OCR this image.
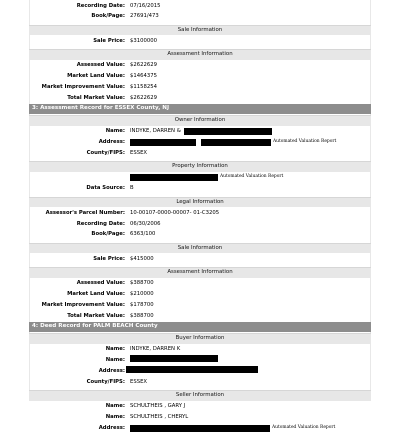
Recording Date: 07/16/2015
Book/Page: 27691/473
Sale Information
Sale Price: $3100000
Assessment Information
Assessed Value: $2622629
Market Land Value: $1464375
Market Improvement Value: $1158254
Total Market Value: $2622629
3: Assessment Record for ESSEX County, NJ
Owner Information
Name: INDYKE, DARREN &
Address:	Automated Valuation Report
County/FIPS: ESSEX
Property Information
Automated Valuation Report
Data Source: B
Legal Information
Assessor's Parcel Number: 10-00107-0000-00007- 01-C3205
Recording Date: 06/30/2006
Book/Page: 6363/100
Sale Information
Sale Price: $415000
Assessment Information
Assessed Value: $388700
Market Land Value: $210000
Market Improvement Value: $178700
Total Market Value: $388700
4: Deed Record for PALM BEACH County
Buyer Information
Name: INDYKE, DARREN K
Name:
Address:
County/FIPS: ESSEX
Seller Information
Name: SCHULTHEIS , GARY J
Name: SCHULTHEIS , CHERYL
Address:	Automated Valuation Report
